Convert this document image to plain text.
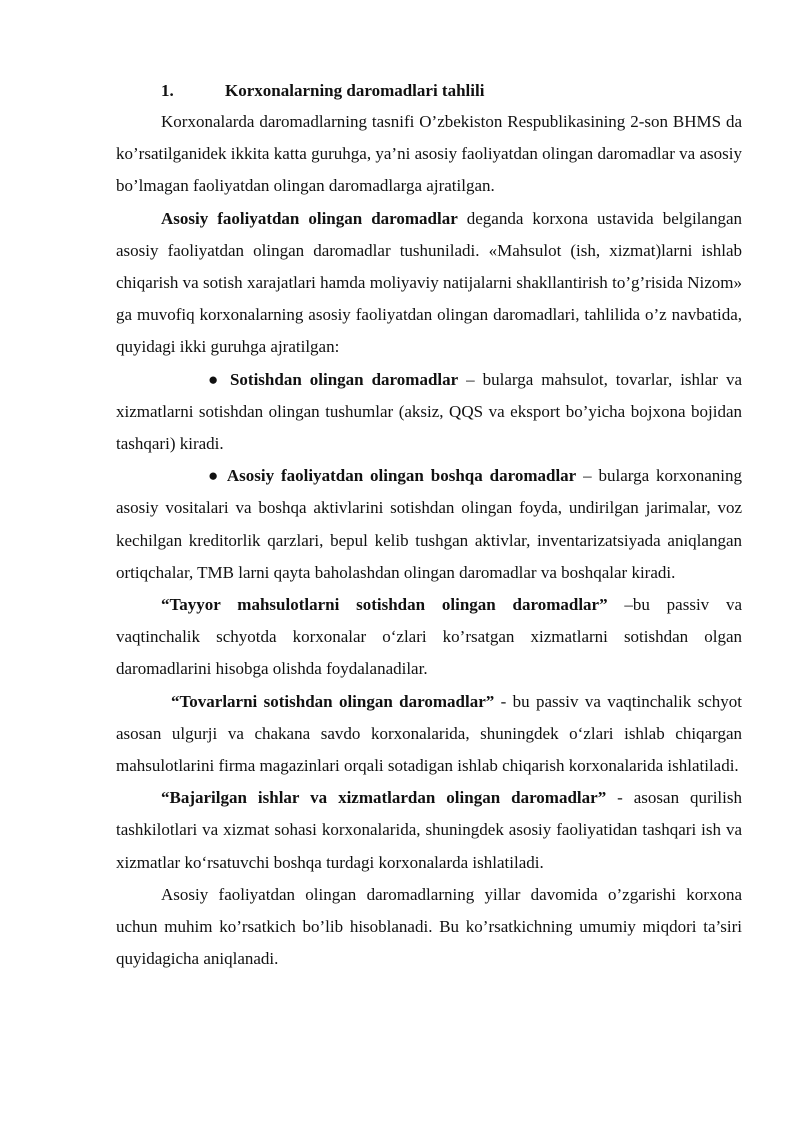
1.	Korxonalarning daromadlari tahlili

Korxonalarda daromadlarning tasnifi O’zbekiston Respublikasining 2-son BHMS da ko’rsatilganidek ikkita katta guruhga, ya’ni asosiy faoliyatdan olingan daromadlar va asosiy bo’lmagan faoliyatdan olingan daromadlarga ajratilgan.

Asosiy faoliyatdan olingan daromadlar deganda korxona ustavida belgilangan asosiy faoliyatdan olingan daromadlar tushuniladi. «Mahsulot (ish, xizmat)larni ishlab chiqarish va sotish xarajatlari hamda moliyaviy natijalarni shakllantirish to’g’risida Nizom» ga muvofiq korxonalarning asosiy faoliyatdan olingan daromadlari, tahlilida o’z navbatida, quyidagi ikki guruhga ajratilgan:

● Sotishdan olingan daromadlar – bularga mahsulot, tovarlar, ishlar va xizmatlarni sotishdan olingan tushumlar (aksiz, QQS va eksport bo’yicha bojxona bojidan tashqari) kiradi.

● Asosiy faoliyatdan olingan boshqa daromadlar – bularga korxonaning asosiy vositalari va boshqa aktivlarini sotishdan olingan foyda, undirilgan jarimalar, voz kechilgan kreditorlik qarzlari, bepul kelib tushgan aktivlar, inventarizatsiyada aniqlangan ortiqchalar, TMB larni qayta baholashdan olingan daromadlar va boshqalar kiradi.

“Tayyor mahsulotlarni sotishdan olingan daromadlar” –bu passiv va vaqtinchalik schyotda korxonalar o‘zlari ko’rsatgan xizmatlarni sotishdan olgan daromadlarini hisobga olishda foydalanadilar.

“Tovarlarni sotishdan olingan daromadlar” - bu passiv va vaqtinchalik schyot asosan ulgurji va chakana savdo korxonalarida, shuningdek o‘zlari ishlab chiqargan mahsulotlarini firma magazinlari orqali sotadigan ishlab chiqarish korxonalarida ishlatiladi.

“Bajarilgan ishlar va xizmatlardan olingan daromadlar” - asosan qurilish tashkilotlari va xizmat sohasi korxonalarida, shuningdek asosiy faoliyatidan tashqari ish va xizmatlar ko‘rsatuvchi boshqa turdagi korxonalarda ishlatiladi.

Asosiy faoliyatdan olingan daromadlarning yillar davomida o’zgarishi korxona uchun muhim ko’rsatkich bo’lib hisoblanadi. Bu ko’rsatkichning umumiy miqdori ta’siri quyidagicha aniqlanadi.
